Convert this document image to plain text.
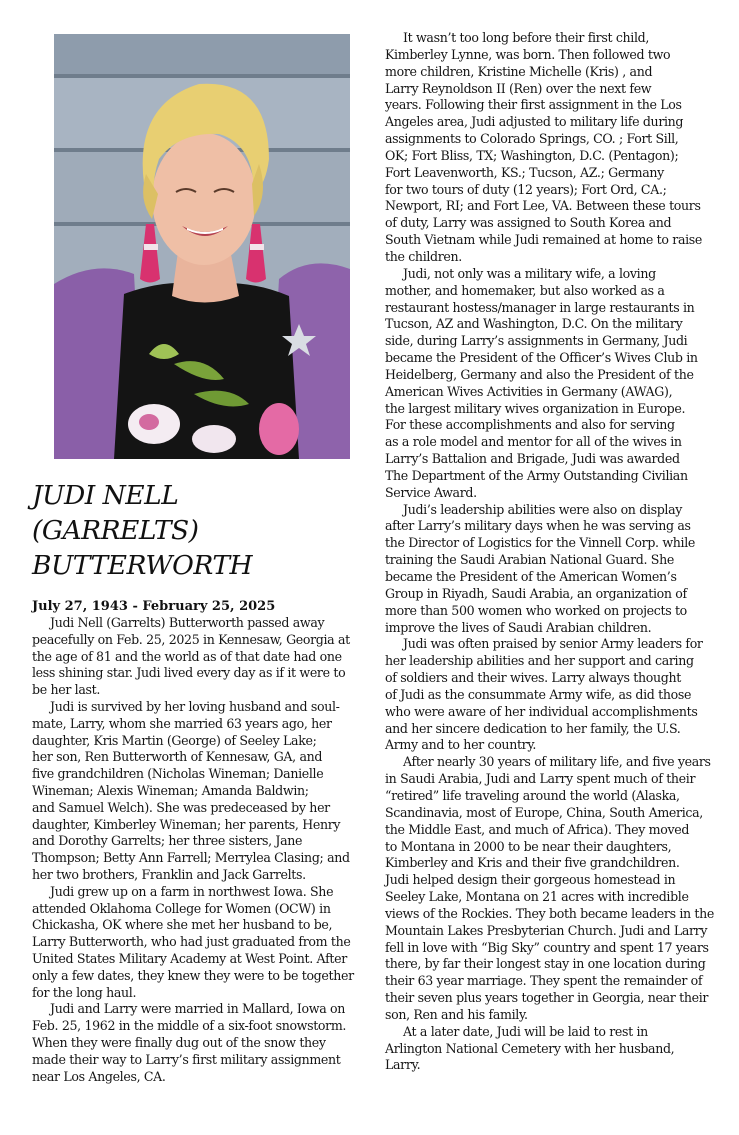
JUDI NELL
(GARRELTS)
BUTTERWORTH
July 27, 1943 - February 25, 2025
Judi Nell (Garrelts) Butterworth passed away
peacefully on Feb. 25, 2025 in Kennesaw, Georgia at
the age of 81 and the world as of that date had one
less shining star. Judi lived every day as if it were to
be her last.
Judi is survived by her loving husband and soul-
mate, Larry, whom she married 63 years ago, her
daughter, Kris Martin (George) of Seeley Lake;
her son, Ren Butterworth of Kennesaw, GA, and
five grandchildren (Nicholas Wineman; Danielle
Wineman; Alexis Wineman; Amanda Baldwin;
and Samuel Welch). She was predeceased by her
daughter, Kimberley Wineman; her parents, Henry
and Dorothy Garrelts; her three sisters, Jane
Thompson; Betty Ann Farrell; Merrylea Clasing; and
her two brothers, Franklin and Jack Garrelts.
Judi grew up on a farm in northwest Iowa. She
attended Oklahoma College for Women (OCW) in
Chickasha, OK where she met her husband to be,
Larry Butterworth, who had just graduated from the
United States Military Academy at West Point. After
only a few dates, they knew they were to be together
for the long haul.
Judi and Larry were married in Mallard, Iowa on
Feb. 25, 1962 in the middle of a six-foot snowstorm.
When they were finally dug out of the snow they
made their way to Larry’s first military assignment
near Los Angeles, CA.
It wasn’t too long before their first child,
Kimberley Lynne, was born. Then followed two
more children, Kristine Michelle (Kris) , and
Larry Reynoldson II (Ren) over the next few
years. Following their first assignment in the Los
Angeles area, Judi adjusted to military life during
assignments to Colorado Springs, CO. ; Fort Sill,
OK; Fort Bliss, TX; Washington, D.C. (Pentagon);
Fort Leavenworth, KS.; Tucson, AZ.; Germany
for two tours of duty (12 years); Fort Ord, CA.;
Newport, RI; and Fort Lee, VA. Between these tours
of duty, Larry was assigned to South Korea and
South Vietnam while Judi remained at home to raise
the children.
Judi, not only was a military wife, a loving
mother, and homemaker, but also worked as a
restaurant hostess/manager in large restaurants in
Tucson, AZ and Washington, D.C. On the military
side, during Larry’s assignments in Germany, Judi
became the President of the Officer’s Wives Club in
Heidelberg, Germany and also the President of the
American Wives Activities in Germany (AWAG),
the largest military wives organization in Europe.
For these accomplishments and also for serving
as a role model and mentor for all of the wives in
Larry’s Battalion and Brigade, Judi was awarded
The Department of the Army Outstanding Civilian
Service Award.
Judi’s leadership abilities were also on display
after Larry’s military days when he was serving as
the Director of Logistics for the Vinnell Corp. while
training the Saudi Arabian National Guard. She
became the President of the American Women’s
Group in Riyadh, Saudi Arabia, an organization of
more than 500 women who worked on projects to
improve the lives of Saudi Arabian children.
Judi was often praised by senior Army leaders for
her leadership abilities and her support and caring
of soldiers and their wives. Larry always thought
of Judi as the consummate Army wife, as did those
who were aware of her individual accomplishments
and her sincere dedication to her family, the U.S.
Army and to her country.
After nearly 30 years of military life, and five years
in Saudi Arabia, Judi and Larry spent much of their
“retired” life traveling around the world (Alaska,
Scandinavia, most of Europe, China, South America,
the Middle East, and much of Africa). They moved
to Montana in 2000 to be near their daughters,
Kimberley and Kris and their five grandchildren.
Judi helped design their gorgeous homestead in
Seeley Lake, Montana on 21 acres with incredible
views of the Rockies. They both became leaders in the
Mountain Lakes Presbyterian Church. Judi and Larry
fell in love with “Big Sky” country and spent 17 years
there, by far their longest stay in one location during
their 63 year marriage. They spent the remainder of
their seven plus years together in Georgia, near their
son, Ren and his family.
At a later date, Judi will be laid to rest in
Arlington National Cemetery with her husband,
Larry.
